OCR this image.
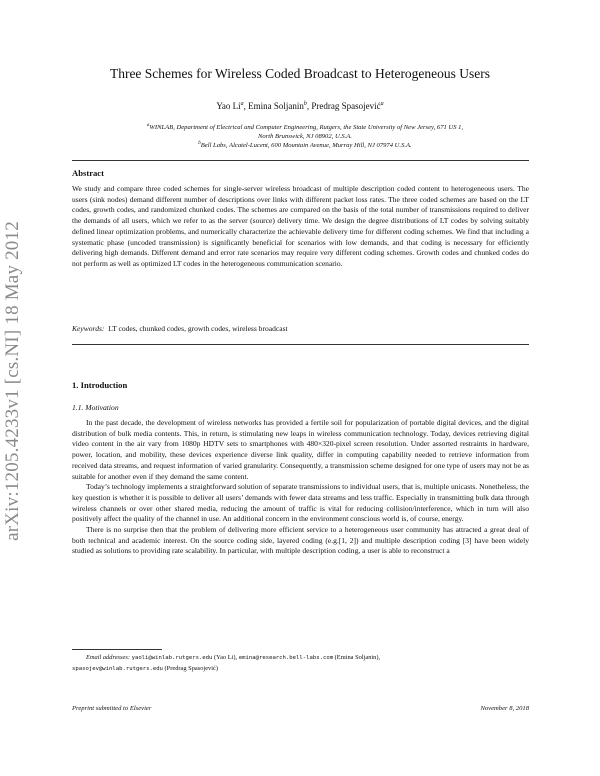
arXiv:1205.4233v1 [cs.NI] 18 May 2012
Three Schemes for Wireless Coded Broadcast to Heterogeneous Users
Yao Li$^a$, Emina Soljanin$^b$, Predrag Spasojević$^a$
$^a$WINLAB, Department of Electrical and Computer Engineering, Rutgers, the State University of New Jersey, 671 US 1,
North Brunswick, NJ 08902, U.S.A.
$^b$Bell Labs, Alcatel-Lucent, 600 Mountain Avenue, Murray Hill, NJ 07974 U.S.A.
Abstract
We study and compare three coded schemes for single-server wireless broadcast of multiple description coded content to heterogeneous users. The users (sink nodes) demand different number of descriptions over links with different packet loss rates. The three coded schemes are based on the LT codes, growth codes, and randomized chunked codes. The schemes are compared on the basis of the total number of transmissions required to deliver the demands of all users, which we refer to as the server (source) delivery time. We design the degree distributions of LT codes by solving suitably defined linear optimization problems, and numerically characterize the achievable delivery time for different coding schemes. We find that including a systematic phase (uncoded transmission) is significantly beneficial for scenarios with low demands, and that coding is necessary for efficiently delivering high demands. Different demand and error rate scenarios may require very different coding schemes. Growth codes and chunked codes do not perform as well as optimized LT codes in the heterogeneous communication scenario.
Keywords: LT codes, chunked codes, growth codes, wireless broadcast
1. Introduction
1.1. Motivation

In the past decade, the development of wireless networks has provided a fertile soil for popularization of portable digital devices, and the digital distribution of bulk media contents. This, in return, is stimulating new leaps in wireless communication technology. Today, devices retrieving digital video content in the air vary from 1080p HDTV sets to smartphones with 480×320-pixel screen resolution. Under assorted restraints in hardware, power, location, and mobility, these devices experience diverse link quality, differ in computing capability needed to retrieve information from received data streams, and request information of varied granularity. Consequently, a transmission scheme designed for one type of users may not be as suitable for another even if they demand the same content.

Today’s technology implements a straightforward solution of separate transmissions to individual users, that is, multiple unicasts. Nonetheless, the key question is whether it is possible to deliver all users’ demands with fewer data streams and less traffic. Especially in transmitting bulk data through wireless channels or over other shared media, reducing the amount of traffic is vital for reducing collision/interference, which in turn will also positively affect the quality of the channel in use. An additional concern in the environment conscious world is, of course, energy.

There is no surprise then that the problem of delivering more efficient service to a heterogeneous user community has attracted a great deal of both technical and academic interest. On the source coding side, layered coding (e.g.[1, 2]) and multiple description coding [3] have been widely studied as solutions to providing rate scalability. In particular, with multiple description coding, a user is able to reconstruct a

Email addresses: yaoli@winlab.rutgers.edu (Yao Li), emina@research.bell-labs.com (Emina Soljanin),
spasojev@winlab.rutgers.edu (Predrag Spasojević)
Preprint submitted to Elsevier	November 8, 2018
